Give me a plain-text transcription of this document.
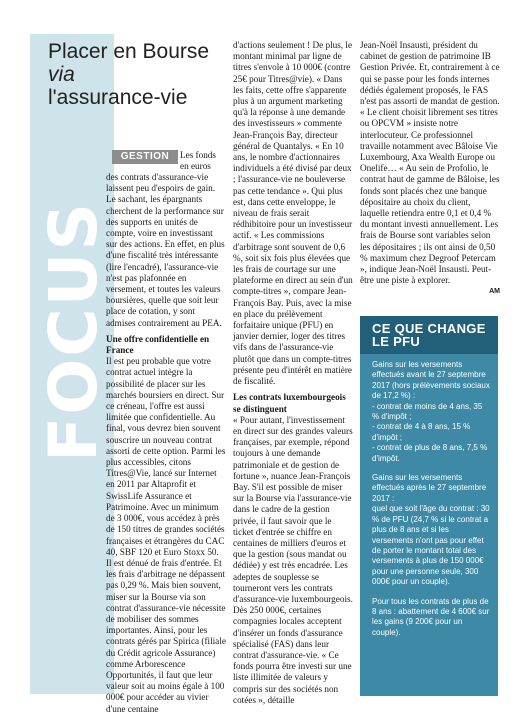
FOCUS
Placer en Bourse via
l'assurance-vie
GESTION	Les fonds en euros

des contrats d'assurance-vie laissent peu d'espoirs de gain. Le sachant, les épargnants cherchent de la performance sur des supports en unités de compte, voire en investissant sur des actions. En effet, en plus d'une fiscalité très intéressante (lire l'encadré), l'assurance-vie n'est pas plafonnée en versement, et toutes les valeurs boursières, quelle que soit leur place de cotation, y sont admises contrairement au PEA.

Une offre confidentielle en France

Il est peu probable que votre contrat actuel intègre la possibilité de placer sur les marchés boursiers en direct. Sur ce créneau, l'offre est aussi limitée que confidentielle. Au final, vous devrez bien souvent souscrire un nouveau contrat assorti de cette option. Parmi les plus accessibles, citons Titres@Vie, lancé sur Internet en 2011 par Altaprofit et SwissLife Assurance et Patrimoine. Avec un minimum de 3 000€, vous accédez à près de 150 titres de grandes sociétés françaises et étrangères du CAC 40, SBF 120 et Euro Stoxx 50. Il est dénué de frais d'entrée. Et les frais d'arbitrage ne dépassent pas 0,29 %. Mais bien souvent, miser sur la Bourse via son contrat d'assurance-vie nécessite de mobiliser des sommes importantes. Ainsi, pour les contrats gérés par Spirica (filiale du Crédit agricole Assurance) comme Arborescence Opportunités, il faut que leur valeur soit au moins égale à 100 000€ pour accéder au vivier d'une centaine

d'actions seulement ! De plus, le montant minimal par ligne de titres s'envole à 10 000€ (contre 25€ pour Titres@vie). « Dans les faits, cette offre s'apparente plus à un argument marketing qu'à la réponse à une demande des investisseurs » commente Jean-François Bay, directeur général de Quantalys. « En 10 ans, le nombre d'actionnaires individuels a été divisé par deux ; l'assurance-vie ne bouleverse pas cette tendance ». Qui plus est, dans cette enveloppe, le niveau de frais serait rédhibitoire pour un investisseur actif. « Les commissions d'arbitrage sont souvent de 0,6 %, soit six fois plus élevées que les frais de courtage sur une plateforme en direct au sein d'un compte-titres », compare Jean-François Bay. Puis, avec la mise en place du prélèvement forfaitaire unique (PFU) en janvier dernier, loger des titres vifs dans de l'assurance-vie plutôt que dans un compte-titres présente peu d'intérêt en matière de fiscalité.

Les contrats luxembourgeois se distinguent

« Pour autant, l'investissement en direct sur des grandes valeurs françaises, par exemple, répond toujours à une demande patrimoniale et de gestion de fortune », nuance Jean-François Bay. S'il est possible de miser sur la Bourse via l'assurance-vie dans le cadre de la gestion privée, il faut savoir que le ticket d'entrée se chiffre en centaines de milliers d'euros et que la gestion (sous mandat ou dédiée) y est très encadrée. Les adeptes de souplesse se tourneront vers les contrats d'assurance-vie luxembourgeois. Dès 250 000€, certaines compagnies locales acceptent d'insérer un fonds d'assurance spécialisé (FAS) dans leur contrat d'assurance-vie. « Ce fonds pourra être investi sur une liste illimitée de valeurs y compris sur des sociétés non cotées », détaille

Jean-Noël Insausti, président du cabinet de gestion de patrimoine IB Gestion Privée. Et, contrairement à ce qui se passe pour les fonds internes dédiés également proposés, le FAS n'est pas assorti de mandat de gestion. « Le client choisit librement ses titres ou OPCVM » insiste notre interlocuteur. Ce professionnel travaille notamment avec Bâloise Vie Luxembourg, Axa Wealth Europe ou Onelife… « Au sein de Profolio, le contrat haut de gamme de Bâloise, les fonds sont placés chez une banque dépositaire au choix du client, laquelle retiendra entre 0,1 et 0,4 % du montant investi annuellement. Les frais de Bourse sont variables selon les dépositaires ; ils ont ainsi de 0,50 % maximum chez Degroof Petercam », indique Jean-Noël Insausti. Peut-être une piste à explorer.

AM

CE QUE CHANGE
LE PFU

Gains sur les versements effectués avant le 27 septembre 2017 (hors prélèvements sociaux de 17,2 %) :

- contrat de moins de 4 ans, 35 % d'impôt ;

- contrat de 4 à 8 ans, 15 % d'impôt ;

- contrat de plus de 8 ans, 7,5 % d'impôt.

Gains sur les versements effectués après le 27 septembre 2017 :

quel que soit l'âge du contrat : 30 % de PFU (24,7 % si le contrat a plus de 8 ans et si les versements n'ont pas pour effet de porter le montant total des versements à plus de 150 000€ pour une personne seule, 300 000€ pour un couple).

Pour tous les contrats de plus de 8 ans : abattement de 4 600€ sur les gains (9 200€ pour un couple).
